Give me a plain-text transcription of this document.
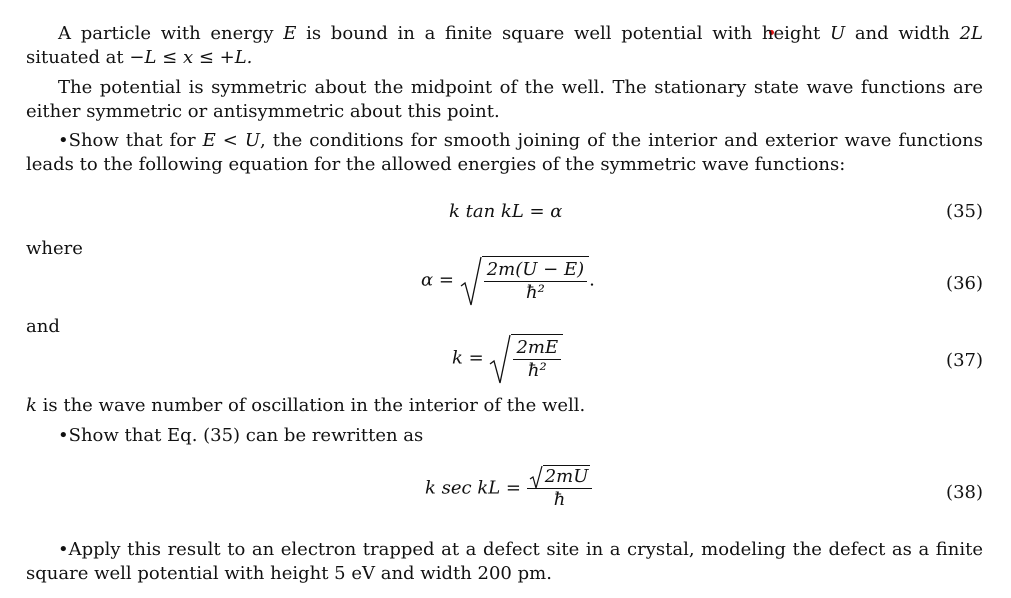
A particle with energy E is bound in a finite square well potential with height U and width 2L situated at −L ≤ x ≤ +L.
The potential is symmetric about the midpoint of the well. The stationary state wave functions are either symmetric or antisymmetric about this point.
•Show that for E < U, the conditions for smooth joining of the interior and exterior wave functions leads to the following equation for the allowed energies of the symmetric wave functions:
k tan kL = α	(35)
where
$\alpha = \frac{2m(U - E)}{\text{ħ²}}$ .	(36)
and
$k = \frac{2mE}{\text{ħ²}}$	(37)
k is the wave number of oscillation in the interior of the well.
•Show that Eq. (35) can be rewritten as
k sec kL = $\frac{2mU}{ħ}$	(38)
•Apply this result to an electron trapped at a defect site in a crystal, modeling the defect as a finite square well potential with height 5 eV and width 200 pm.
